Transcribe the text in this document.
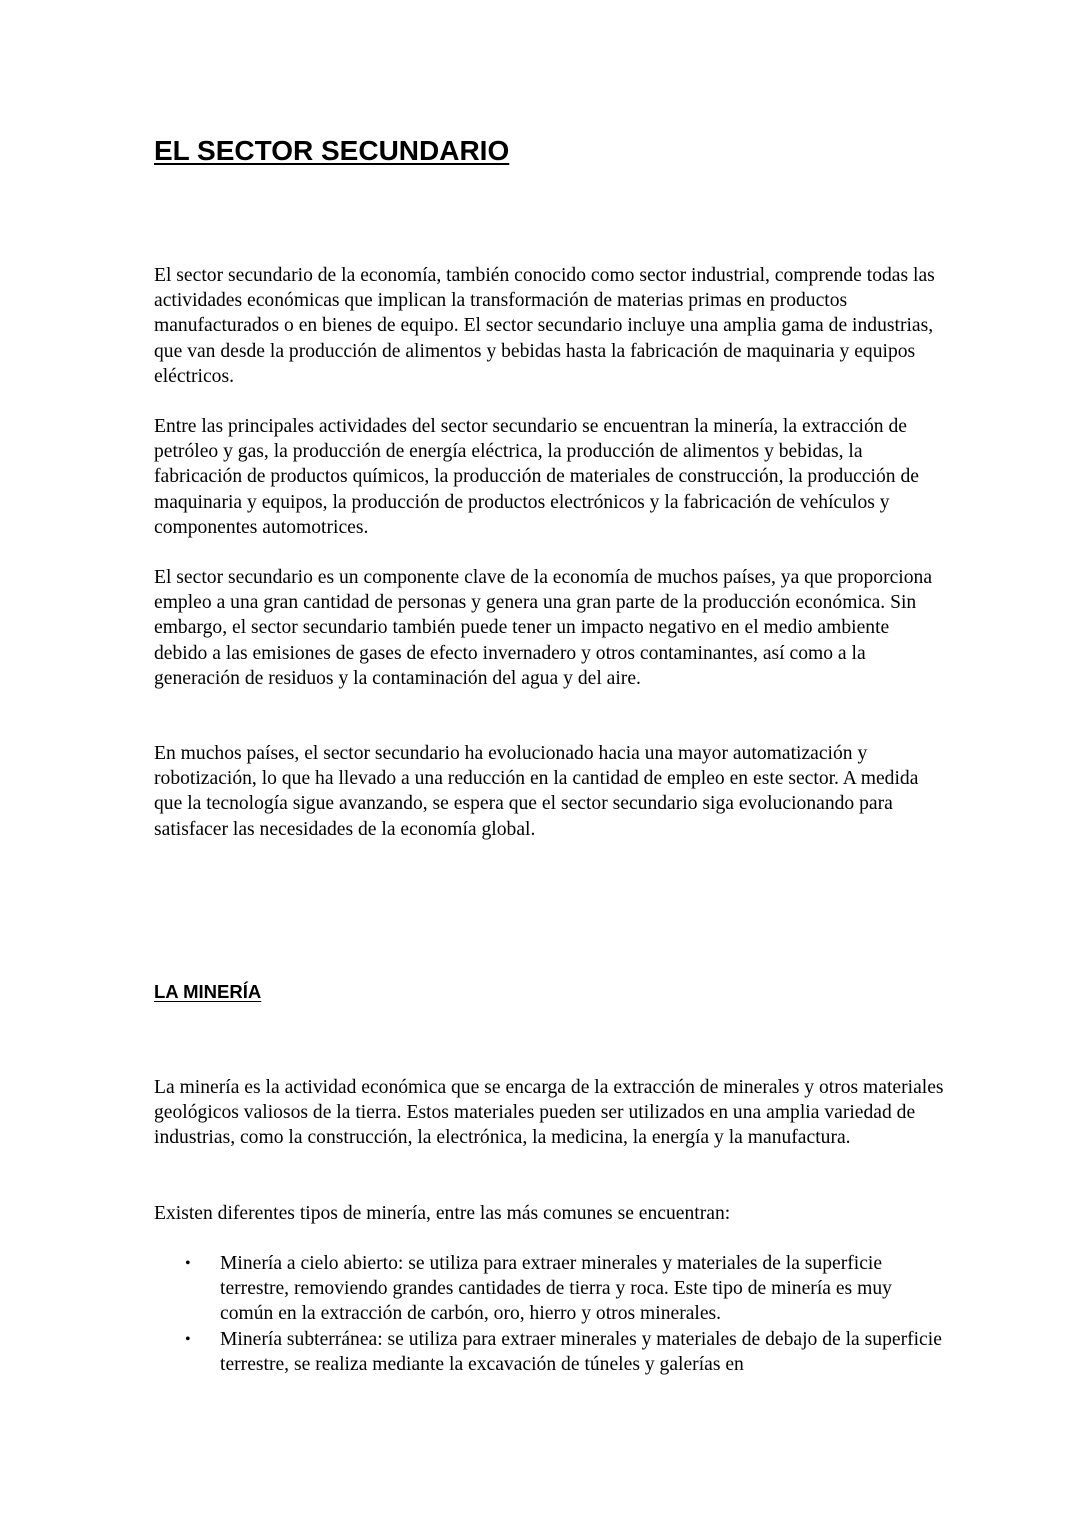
EL SECTOR SECUNDARIO

El sector secundario de la economía, también conocido como sector industrial, comprende todas las actividades económicas que implican la transformación de materias primas en productos manufacturados o en bienes de equipo. El sector secundario incluye una amplia gama de industrias, que van desde la producción de alimentos y bebidas hasta la fabricación de maquinaria y equipos eléctricos.

Entre las principales actividades del sector secundario se encuentran la minería, la extracción de petróleo y gas, la producción de energía eléctrica, la producción de alimentos y bebidas, la fabricación de productos químicos, la producción de materiales de construcción, la producción de maquinaria y equipos, la producción de productos electrónicos y la fabricación de vehículos y componentes automotrices.

El sector secundario es un componente clave de la economía de muchos países, ya que proporciona empleo a una gran cantidad de personas y genera una gran parte de la producción económica. Sin embargo, el sector secundario también puede tener un impacto negativo en el medio ambiente debido a las emisiones de gases de efecto invernadero y otros contaminantes, así como a la generación de residuos y la contaminación del agua y del aire.

En muchos países, el sector secundario ha evolucionado hacia una mayor automatización y robotización, lo que ha llevado a una reducción en la cantidad de empleo en este sector. A medida que la tecnología sigue avanzando, se espera que el sector secundario siga evolucionando para satisfacer las necesidades de la economía global.

LA MINERÍA

La minería es la actividad económica que se encarga de la extracción de minerales y otros materiales geológicos valiosos de la tierra. Estos materiales pueden ser utilizados en una amplia variedad de industrias, como la construcción, la electrónica, la medicina, la energía y la manufactura.

Existen diferentes tipos de minería, entre las más comunes se encuentran:

• Minería a cielo abierto: se utiliza para extraer minerales y materiales de la superficie terrestre, removiendo grandes cantidades de tierra y roca. Este tipo de minería es muy común en la extracción de carbón, oro, hierro y otros minerales.
• Minería subterránea: se utiliza para extraer minerales y materiales de debajo de la superficie terrestre, se realiza mediante la excavación de túneles y galerías en
